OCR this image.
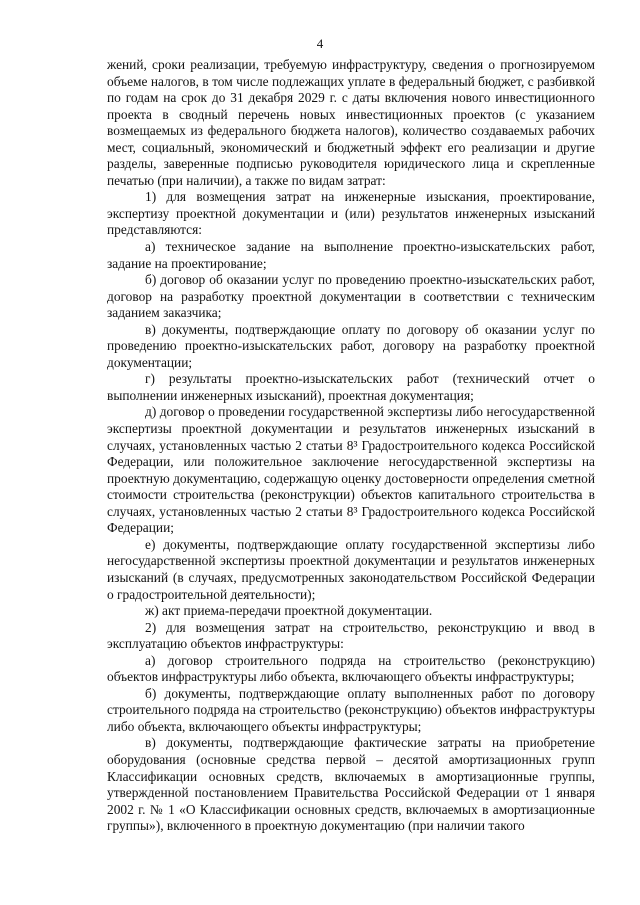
4

жений, сроки реализации, требуемую инфраструктуру, сведения о прогнозируемом объеме налогов, в том числе подлежащих уплате в федеральный бюджет, с разбивкой по годам на срок до 31 декабря 2029 г. с даты включения нового инвестиционного проекта в сводный перечень новых инвестиционных проектов (с указанием возмещаемых из федерального бюджета налогов), количество создаваемых рабочих мест, социальный, экономический и бюджетный эффект его реализации и другие разделы, заверенные подписью руководителя юридического лица и скрепленные печатью (при наличии), а также по видам затрат:

1) для возмещения затрат на инженерные изыскания, проектирование, экспертизу проектной документации и (или) результатов инженерных изысканий представляются:

а) техническое задание на выполнение проектно-изыскательских работ, задание на проектирование;

б) договор об оказании услуг по проведению проектно-изыскательских работ, договор на разработку проектной документации в соответствии с техническим заданием заказчика;

в) документы, подтверждающие оплату по договору об оказании услуг по проведению проектно-изыскательских работ, договору на разработку проектной документации;

г) результаты проектно-изыскательских работ (технический отчет о выполнении инженерных изысканий), проектная документация;

д) договор о проведении государственной экспертизы либо негосударственной экспертизы проектной документации и результатов инженерных изысканий в случаях, установленных частью 2 статьи 8³ Градостроительного кодекса Российской Федерации, или положительное заключение негосударственной экспертизы на проектную документацию, содержащую оценку достоверности определения сметной стоимости строительства (реконструкции) объектов капитального строительства в случаях, установленных частью 2 статьи 8³ Градостроительного кодекса Российской Федерации;

е) документы, подтверждающие оплату государственной экспертизы либо негосударственной экспертизы проектной документации и результатов инженерных изысканий (в случаях, предусмотренных законодательством Российской Федерации о градостроительной деятельности);

ж) акт приема-передачи проектной документации.

2) для возмещения затрат на строительство, реконструкцию и ввод в эксплуатацию объектов инфраструктуры:

а) договор строительного подряда на строительство (реконструкцию) объектов инфраструктуры либо объекта, включающего объекты инфраструктуры;

б) документы, подтверждающие оплату выполненных работ по договору строительного подряда на строительство (реконструкцию) объектов инфраструктуры либо объекта, включающего объекты инфраструктуры;

в) документы, подтверждающие фактические затраты на приобретение оборудования (основные средства первой – десятой амортизационных групп Классификации основных средств, включаемых в амортизационные группы, утвержденной постановлением Правительства Российской Федерации от 1 января 2002 г. № 1 «О Классификации основных средств, включаемых в амортизационные группы»), включенного в проектную документацию (при наличии такого
